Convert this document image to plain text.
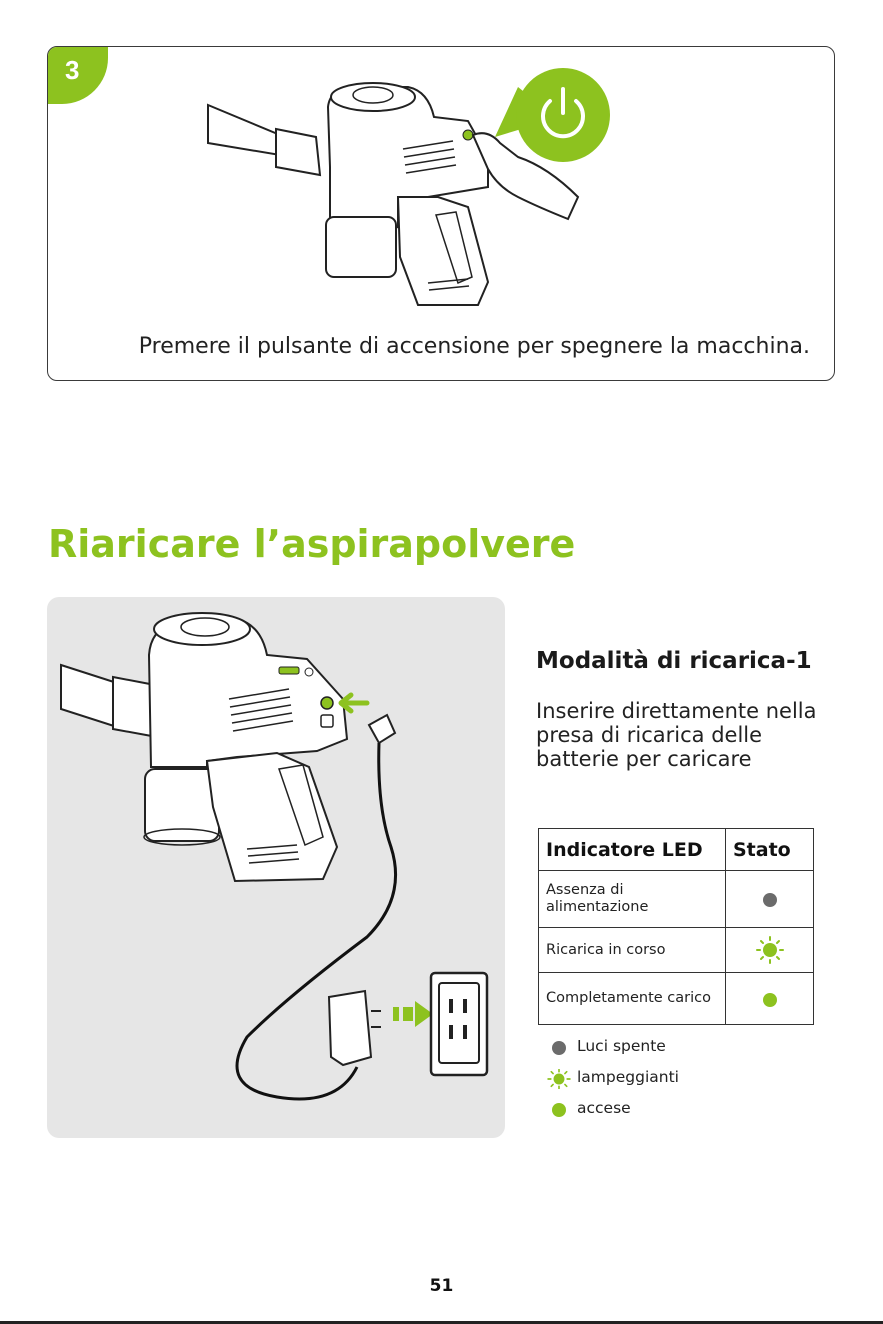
3
Premere il pulsante di accensione per spegnere la macchina.
Riaricare l’aspirapolvere
Modalità di ricarica-1

Inserire direttamente nella presa di ricarica delle batterie per caricare

Indicatore LED	Stato
Assenza di alimentazione	
Ricarica in corso	
Completamente carico	
Luci spente
lampeggianti
accese
51
